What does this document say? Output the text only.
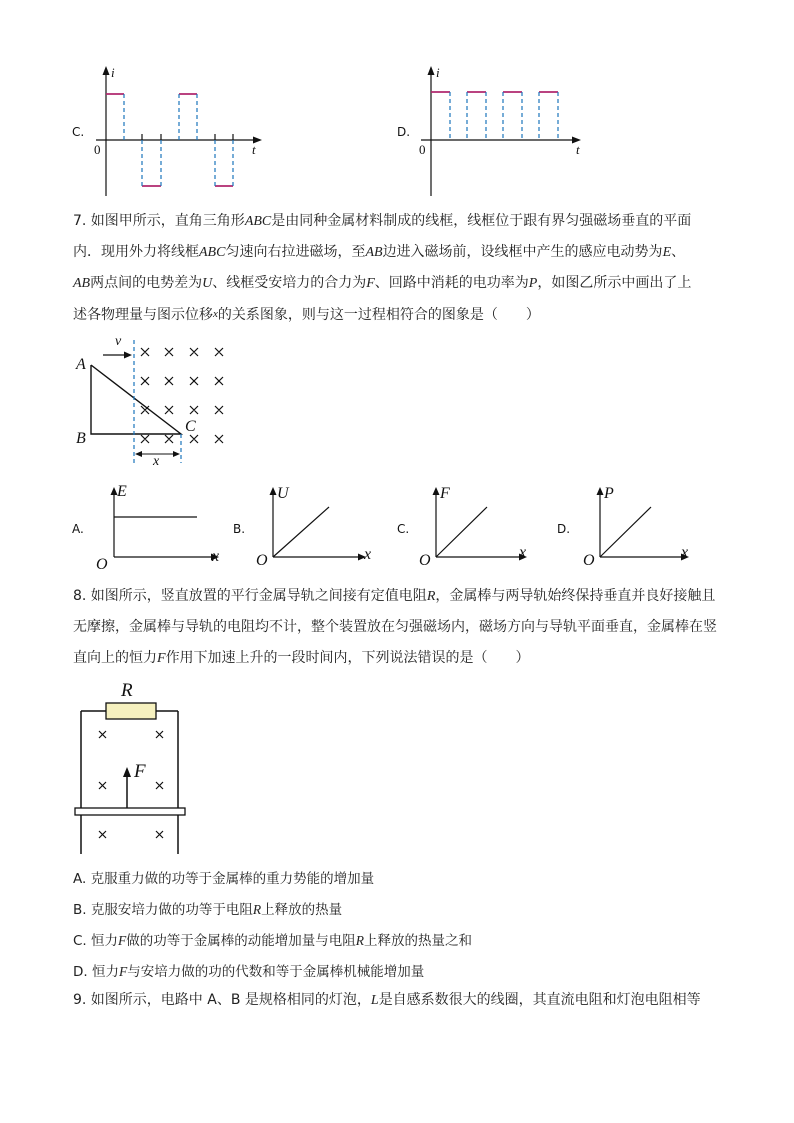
C.
i
0	t
D.
i
0	t
7. 如图甲所示，直角三角形ABC是由同种金属材料制成的线框，线框位于跟有界匀强磁场垂直的平面
内．现用外力将线框ABC匀速向右拉进磁场，至AB边进入磁场前，设线框中产生的感应电动势为E、
AB两点间的电势差为U、线框受安培力的合力为F、回路中消耗的电功率为P，如图乙所示中画出了上
述各物理量与图示位移x的关系图象，则与这一过程相符合的图象是（　　）
v
A
B
C
x
A.
E
O	x
B.
U
O	x
C.
F
O	x
D.
P
O	x
8. 如图所示，竖直放置的平行金属导轨之间接有定值电阻R，金属棒与两导轨始终保持垂直并良好接触且
无摩擦，金属棒与导轨的电阻均不计，整个装置放在匀强磁场内，磁场方向与导轨平面垂直，金属棒在竖
直向上的恒力F作用下加速上升的一段时间内，下列说法错误的是（　　）
R
F
A. 克服重力做的功等于金属棒的重力势能的增加量
B. 克服安培力做的功等于电阻R上释放的热量
C. 恒力F做的功等于金属棒的动能增加量与电阻R上释放的热量之和
D. 恒力F与安培力做的功的代数和等于金属棒机械能增加量
9. 如图所示，电路中 A、B 是规格相同的灯泡，L是自感系数很大的线圈，其直流电阻和灯泡电阻相等
